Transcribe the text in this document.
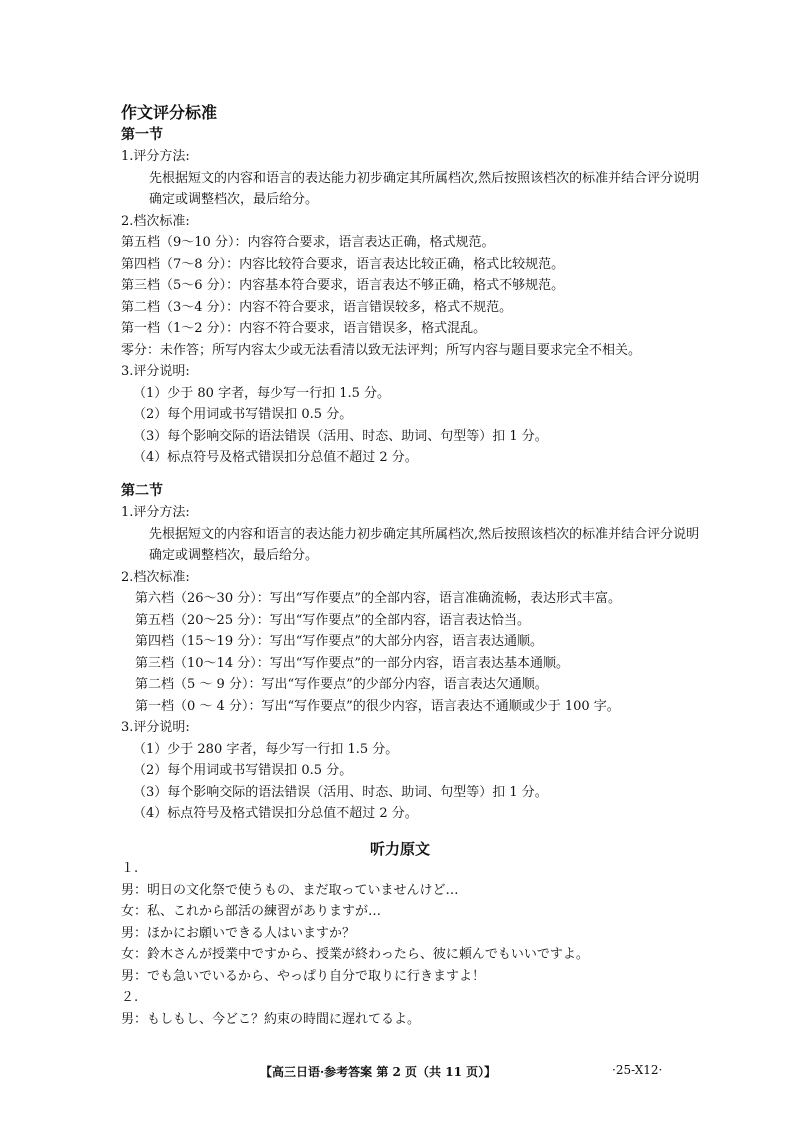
作文评分标准
第一节
1.评分方法:
先根据短文的内容和语言的表达能力初步确定其所属档次,然后按照该档次的标准并结合评分说明确定或调整档次，最后给分。
2.档次标准:
第五档（9～10 分）：内容符合要求，语言表达正确，格式规范。
第四档（7～8 分）：内容比较符合要求，语言表达比较正确，格式比较规范。
第三档（5～6 分）：内容基本符合要求，语言表达不够正确，格式不够规范。
第二档（3～4 分）：内容不符合要求，语言错误较多，格式不规范。
第一档（1～2 分）：内容不符合要求，语言错误多，格式混乱。
零分：未作答；所写内容太少或无法看清以致无法评判；所写内容与题目要求完全不相关。
3.评分说明:
（1）少于 80 字者，每少写一行扣 1.5 分。
（2）每个用词或书写错误扣 0.5 分。
（3）每个影响交际的语法错误（活用、时态、助词、句型等）扣 1 分。
（4）标点符号及格式错误扣分总值不超过 2 分。
第二节
1.评分方法:
先根据短文的内容和语言的表达能力初步确定其所属档次,然后按照该档次的标准并结合评分说明确定或调整档次，最后给分。
2.档次标准:
第六档（26～30 分）：写出“写作要点”的全部内容，语言准确流畅，表达形式丰富。
第五档（20～25 分）：写出“写作要点”的全部内容，语言表达恰当。
第四档（15～19 分）：写出“写作要点”的大部分内容，语言表达通顺。
第三档（10～14 分）：写出“写作要点”的一部分内容，语言表达基本通顺。
第二档（5 ～ 9 分）：写出“写作要点”的少部分内容，语言表达欠通顺。
第一档（0 ～ 4 分）：写出“写作要点”的很少内容，语言表达不通顺或少于 100 字。
3.评分说明:
（1）少于 280 字者，每少写一行扣 1.5 分。
（2）每个用词或书写错误扣 0.5 分。
（3）每个影响交际的语法错误（活用、时态、助词、句型等）扣 1 分。
（4）标点符号及格式错误扣分总值不超过 2 分。
听力原文
１.
男：明日の文化祭で使うもの、まだ取っていませんけど…
女：私、これから部活の練習がありますが…
男：ほかにお願いできる人はいますか？
女：鈴木さんが授業中ですから、授業が終わったら、彼に頼んでもいいですよ。
男：でも急いでいるから、やっぱり自分で取りに行きますよ！
２.
男：もしもし、今どこ？約束の時間に遅れてるよ。
【高三日语·参考答案 第 2 页（共 11 页）】	·25-X12·
